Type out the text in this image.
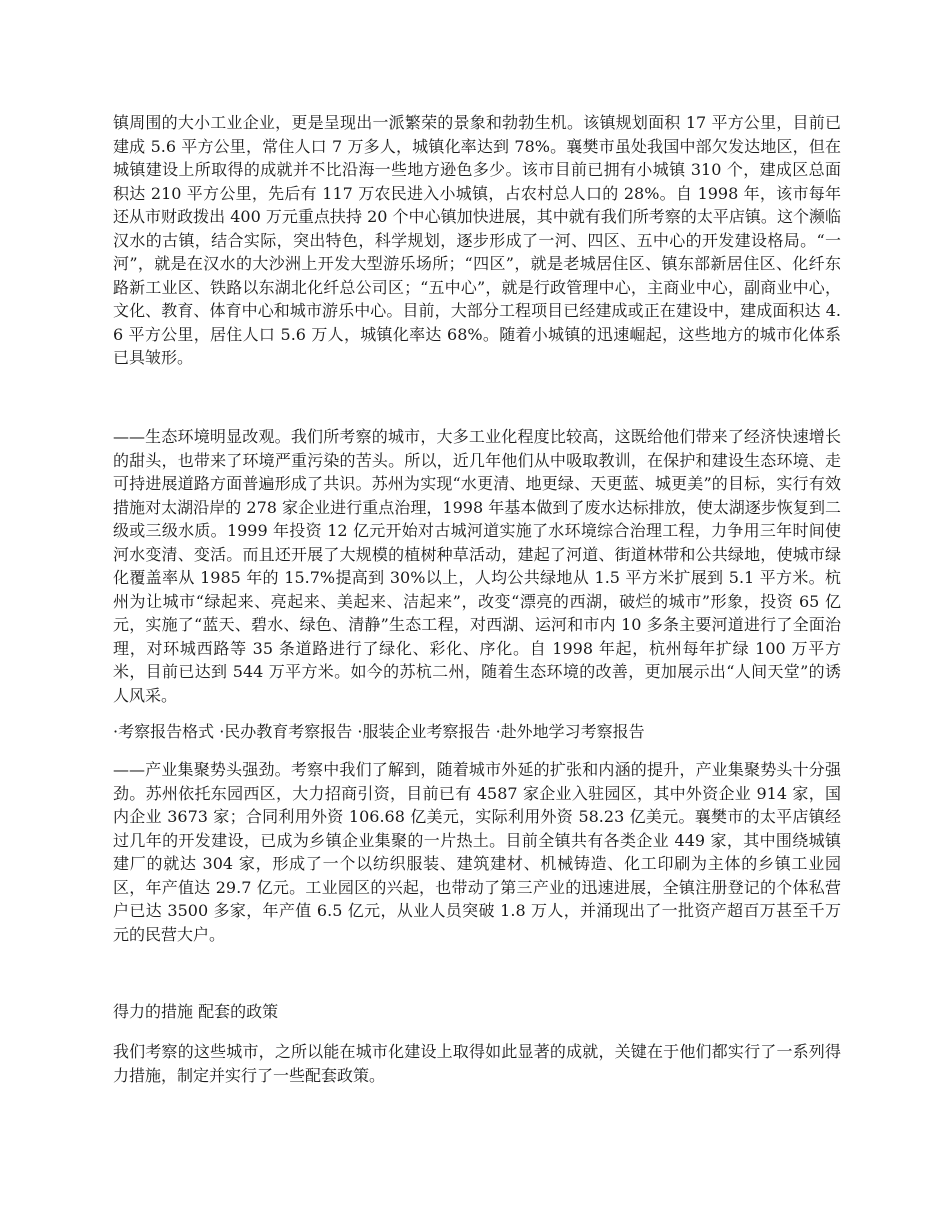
镇周围的大小工业企业，更是呈现出一派繁荣的景象和勃勃生机。该镇规划面积 17 平方公里，目前已建成 5.6 平方公里，常住人口 7 万多人，城镇化率达到 78%。襄樊市虽处我国中部欠发达地区，但在城镇建设上所取得的成就并不比沿海一些地方逊色多少。该市目前已拥有小城镇 310 个，建成区总面积达 210 平方公里，先后有 117 万农民进入小城镇，占农村总人口的 28%。自 1998 年，该市每年还从市财政拨出 400 万元重点扶持 20 个中心镇加快进展，其中就有我们所考察的太平店镇。这个濒临汉水的古镇，结合实际，突出特色，科学规划，逐步形成了一河、四区、五中心的开发建设格局。“一河”，就是在汉水的大沙洲上开发大型游乐场所；“四区”，就是老城居住区、镇东部新居住区、化纤东路新工业区、铁路以东湖北化纤总公司区；“五中心”，就是行政管理中心，主商业中心，副商业中心，文化、教育、体育中心和城市游乐中心。目前，大部分工程项目已经建成或正在建设中，建成面积达 4.6 平方公里，居住人口 5.6 万人，城镇化率达 68%。随着小城镇的迅速崛起，这些地方的城市化体系已具皱形。

——生态环境明显改观。我们所考察的城市，大多工业化程度比较高，这既给他们带来了经济快速增长的甜头，也带来了环境严重污染的苦头。所以，近几年他们从中吸取教训，在保护和建设生态环境、走可持进展道路方面普遍形成了共识。苏州为实现“水更清、地更绿、天更蓝、城更美”的目标，实行有效措施对太湖沿岸的 278 家企业进行重点治理，1998 年基本做到了废水达标排放，使太湖逐步恢复到二级或三级水质。1999 年投资 12 亿元开始对古城河道实施了水环境综合治理工程，力争用三年时间使河水变清、变活。而且还开展了大规模的植树种草活动，建起了河道、街道林带和公共绿地，使城市绿化覆盖率从 1985 年的 15.7%提高到 30%以上，人均公共绿地从 1.5 平方米扩展到 5.1 平方米。杭州为让城市“绿起来、亮起来、美起来、洁起来”，改变“漂亮的西湖，破烂的城市”形象，投资 65 亿元，实施了“蓝天、碧水、绿色、清静”生态工程，对西湖、运河和市内 10 多条主要河道进行了全面治理，对环城西路等 35 条道路进行了绿化、彩化、序化。自 1998 年起，杭州每年扩绿 100 万平方米，目前已达到 544 万平方米。如今的苏杭二州，随着生态环境的改善，更加展示出“人间天堂”的诱人风采。

·考察报告格式 ·民办教育考察报告 ·服装企业考察报告 ·赴外地学习考察报告

——产业集聚势头强劲。考察中我们了解到，随着城市外延的扩张和内涵的提升，产业集聚势头十分强劲。苏州依托东园西区，大力招商引资，目前已有 4587 家企业入驻园区，其中外资企业 914 家，国内企业 3673 家；合同利用外资 106.68 亿美元，实际利用外资 58.23 亿美元。襄樊市的太平店镇经过几年的开发建设，已成为乡镇企业集聚的一片热土。目前全镇共有各类企业 449 家，其中围绕城镇建厂的就达 304 家，形成了一个以纺织服装、建筑建材、机械铸造、化工印刷为主体的乡镇工业园区，年产值达 29.7 亿元。工业园区的兴起，也带动了第三产业的迅速进展，全镇注册登记的个体私营户已达 3500 多家，年产值 6.5 亿元，从业人员突破 1.8 万人，并涌现出了一批资产超百万甚至千万元的民营大户。

得力的措施 配套的政策

我们考察的这些城市，之所以能在城市化建设上取得如此显著的成就，关键在于他们都实行了一系列得力措施，制定并实行了一些配套政策。
